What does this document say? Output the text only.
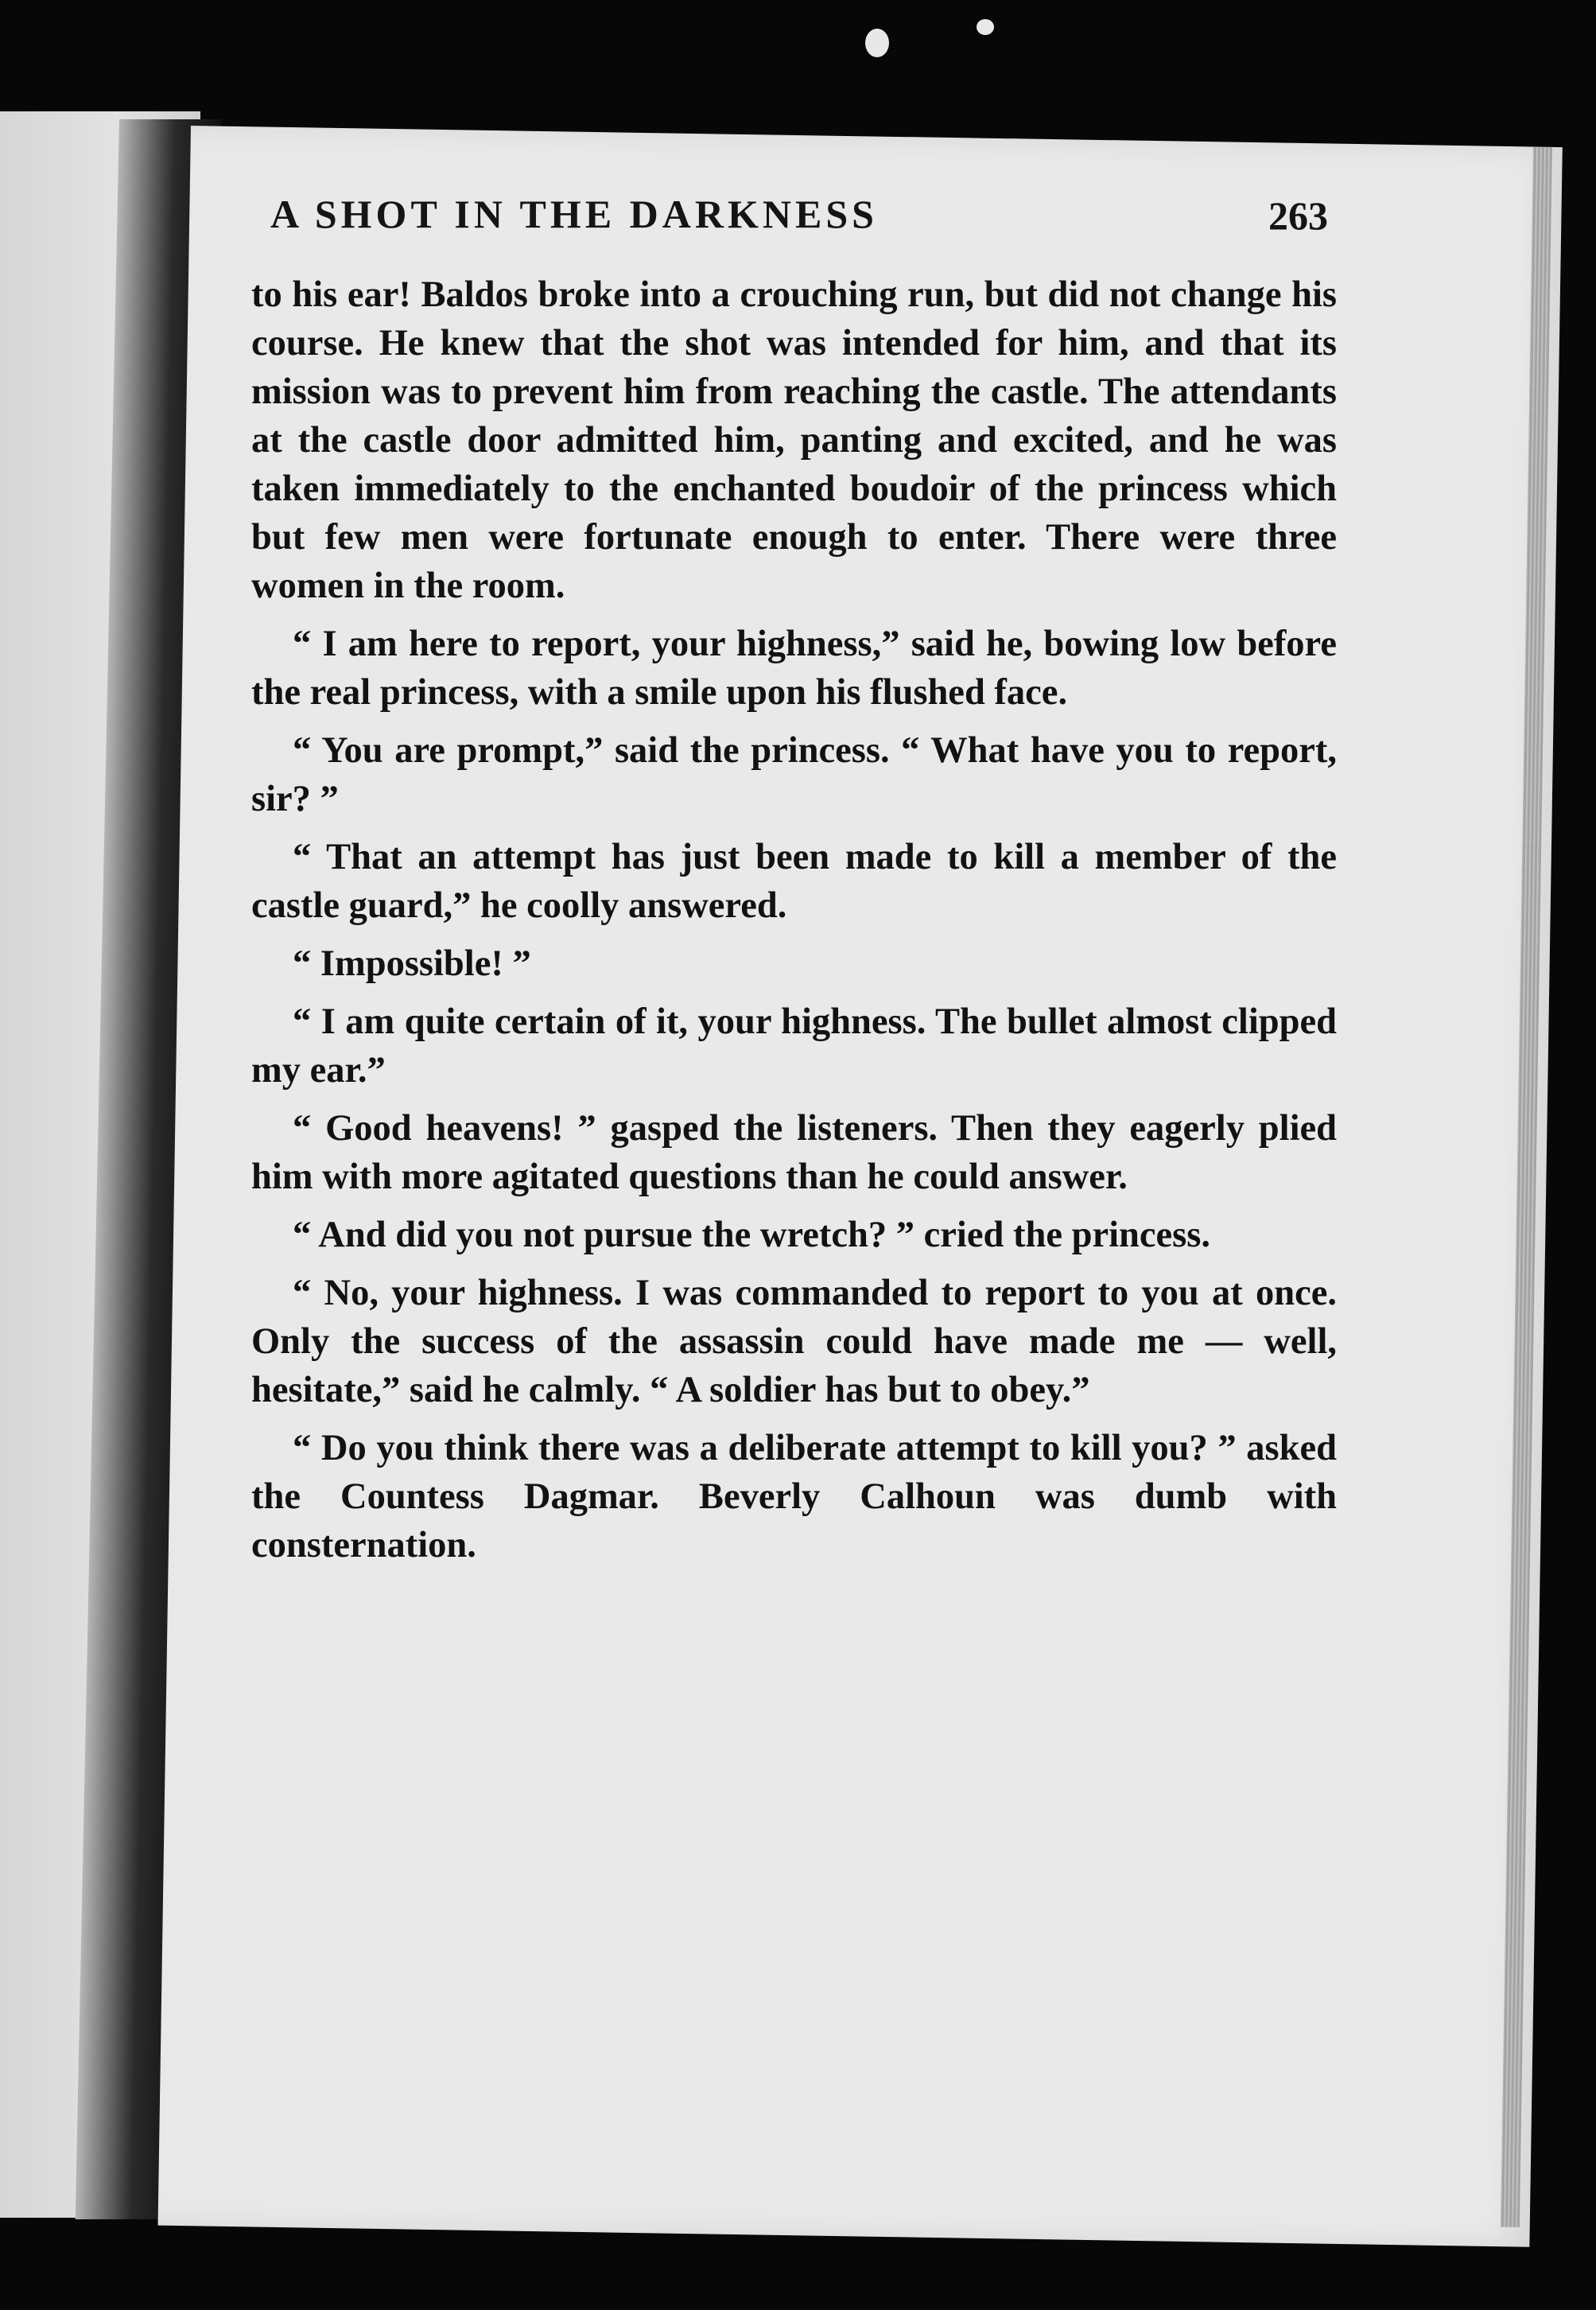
A SHOT IN THE DARKNESS	263

to his ear! Baldos broke into a crouching run, but did not change his course. He knew that the shot was intended for him, and that its mission was to prevent him from reaching the castle. The attendants at the castle door admitted him, panting and excited, and he was taken immediately to the enchanted boudoir of the princess which but few men were fortunate enough to enter. There were three women in the room.

“ I am here to report, your highness,” said he, bowing low before the real princess, with a smile upon his flushed face.

“ You are prompt,” said the princess. “ What have you to report, sir? ”

“ That an attempt has just been made to kill a member of the castle guard,” he coolly answered.

“ Impossible! ”

“ I am quite certain of it, your highness. The bullet almost clipped my ear.”

“ Good heavens! ” gasped the listeners. Then they eagerly plied him with more agitated questions than he could answer.

“ And did you not pursue the wretch? ” cried the princess.

“ No, your highness. I was commanded to report to you at once. Only the success of the assassin could have made me — well, hesitate,” said he calmly. “ A soldier has but to obey.”

“ Do you think there was a deliberate attempt to kill you? ” asked the Countess Dagmar. Beverly Calhoun was dumb with consternation.
